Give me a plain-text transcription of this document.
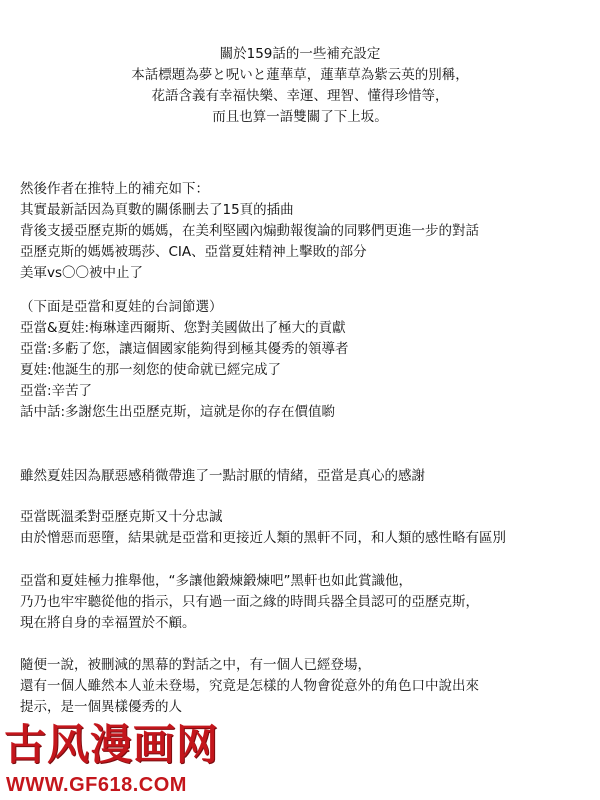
關於159話的一些補充設定
本話標題為夢と呪いと蓮華草，蓮華草為紫云英的別稱，
花語含義有幸福快樂、幸運、理智、懂得珍惜等，
而且也算一語雙關了下上坂。
然後作者在推特上的補充如下：
其實最新話因為頁數的關係刪去了15頁的插曲
背後支援亞歷克斯的媽媽，在美利堅國內煽動報復論的同夥們更進一步的對話
亞歷克斯的媽媽被瑪莎、CIA、亞當夏娃精神上擊敗的部分
美軍vs〇〇被中止了
（下面是亞當和夏娃的台詞節選）
亞當&夏娃:梅琳達西爾斯、您對美國做出了極大的貢獻
亞當:多虧了您，讓這個國家能夠得到極其優秀的領導者
夏娃:他誕生的那一刻您的使命就已經完成了
亞當:辛苦了
話中話:多謝您生出亞歷克斯，這就是你的存在價值喲
雖然夏娃因為厭惡感稍微帶進了一點討厭的情緒，亞當是真心的感謝
亞當既溫柔對亞歷克斯又十分忠誠
由於憎惡而惡墮，結果就是亞當和更接近人類的黑軒不同，和人類的感性略有區別
亞當和夏娃極力推舉他，“多讓他鍛煉鍛煉吧”黑軒也如此賞識他，
乃乃也牢牢聽從他的指示，只有過一面之緣的時間兵器全員認可的亞歷克斯，
現在將自身的幸福置於不顧。
隨便一說，被刪減的黑幕的對話之中，有一個人已經登場，
還有一個人雖然本人並未登場，究竟是怎樣的人物會從意外的角色口中說出來
提示，是一個異樣優秀的人
古风漫画网
WWW.GF618.COM
